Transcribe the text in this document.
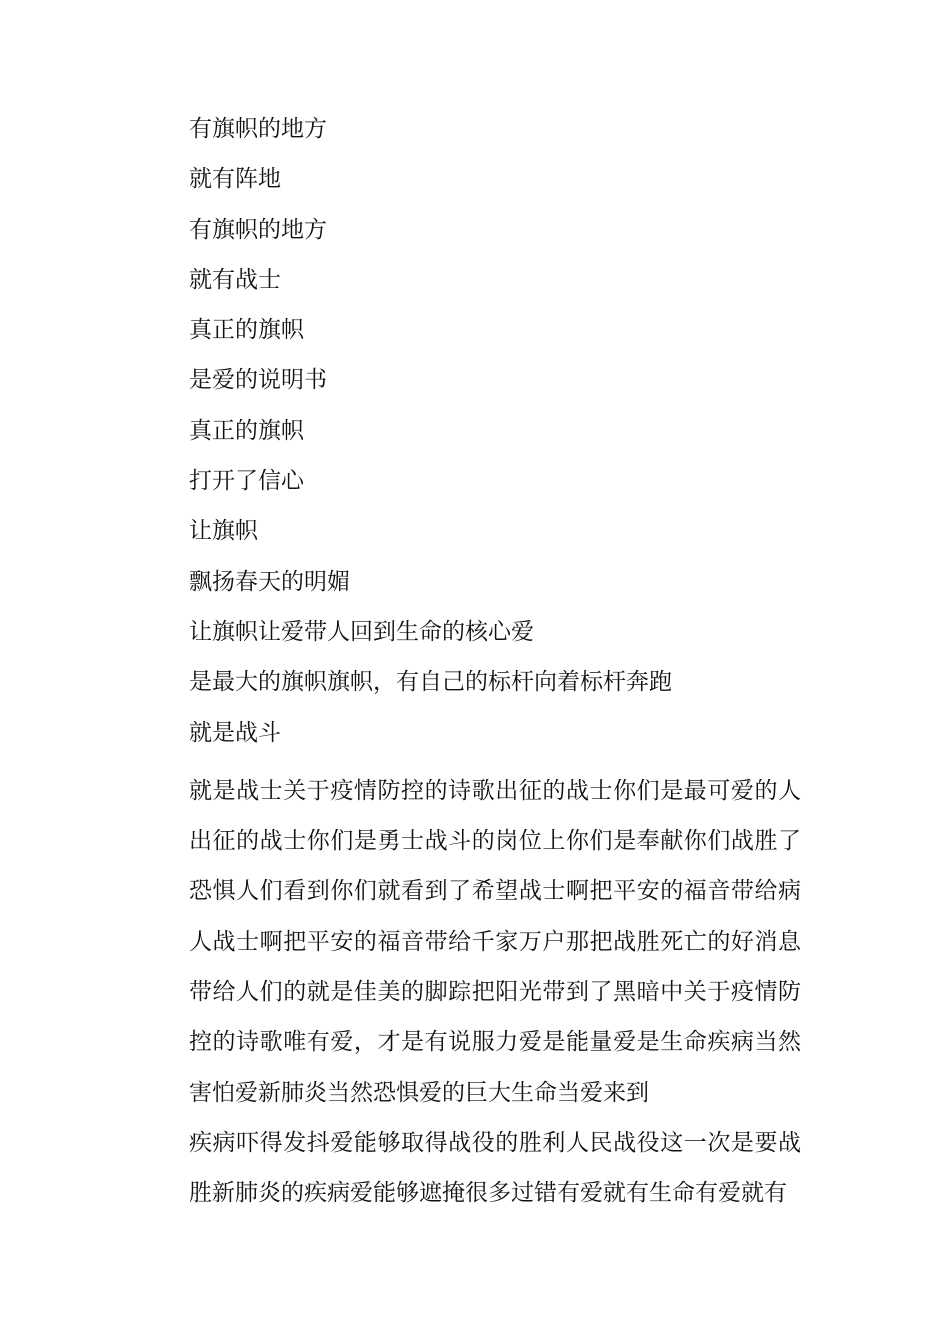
有旗帜的地方

就有阵地

有旗帜的地方

就有战士

真正的旗帜

是爱的说明书

真正的旗帜

打开了信心

让旗帜

飘扬春天的明媚

让旗帜让爱带人回到生命的核心爱

是最大的旗帜旗帜，有自己的标杆向着标杆奔跑

就是战斗

就是战士关于疫情防控的诗歌出征的战士你们是最可爱的人出征的战士你们是勇士战斗的岗位上你们是奉献你们战胜了恐惧人们看到你们就看到了希望战士啊把平安的福音带给病人战士啊把平安的福音带给千家万户那把战胜死亡的好消息带给人们的就是佳美的脚踪把阳光带到了黑暗中关于疫情防控的诗歌唯有爱，才是有说服力爱是能量爱是生命疾病当然害怕爱新肺炎当然恐惧爱的巨大生命当爱来到

疾病吓得发抖爱能够取得战役的胜利人民战役这一次是要战胜新肺炎的疾病爱能够遮掩很多过错有爱就有生命有爱就有
